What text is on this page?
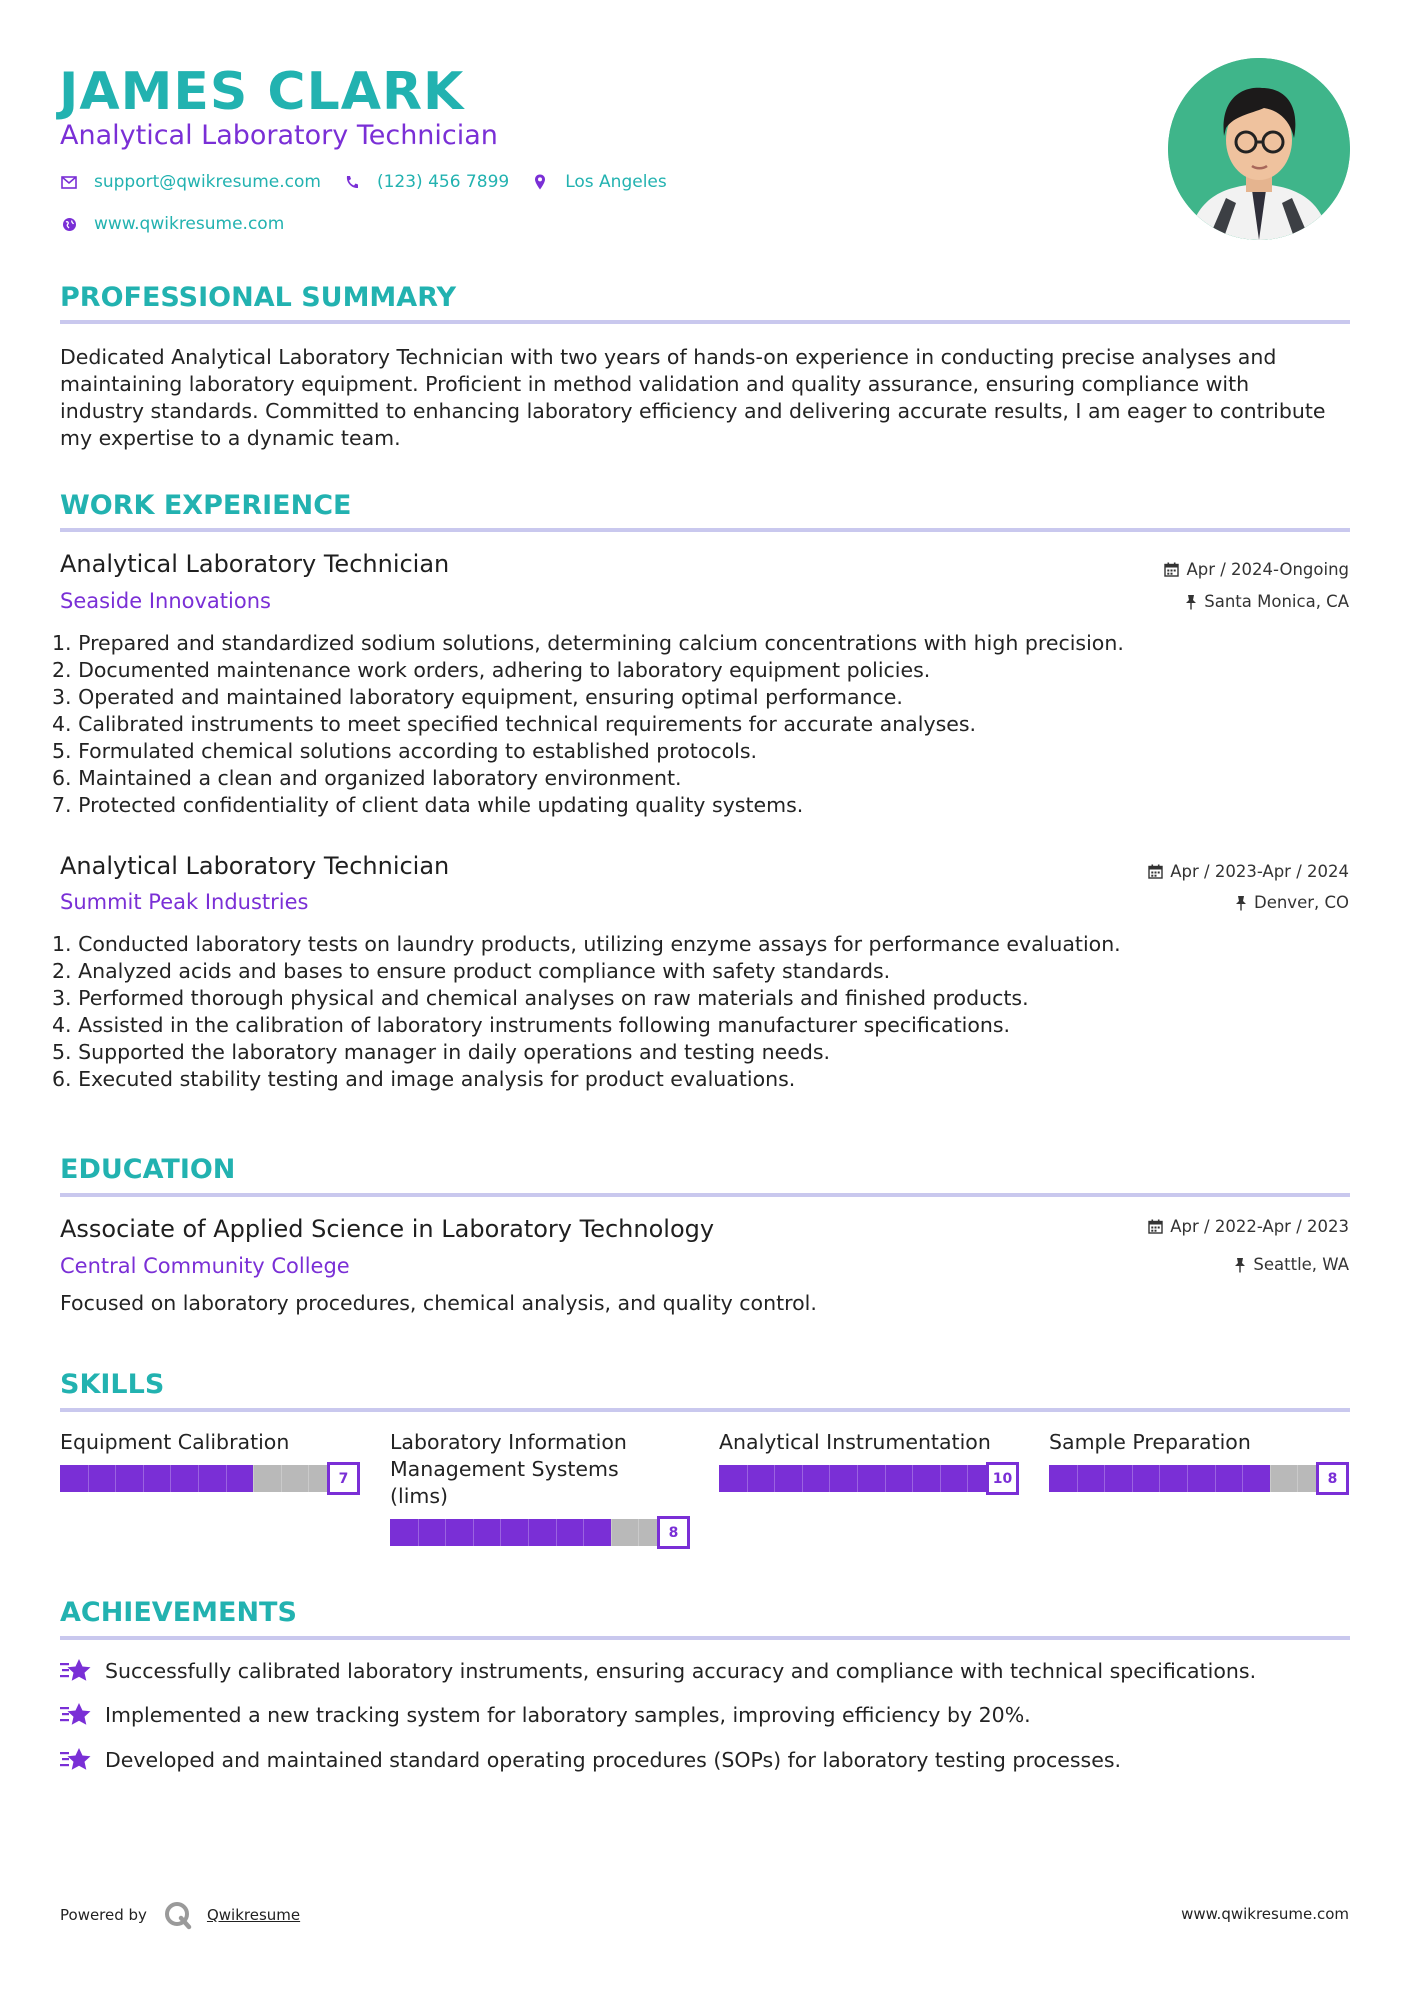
JAMES CLARK
Analytical Laboratory Technician
support@qwikresume.com	(123) 456 7899	Los Angeles
www.qwikresume.com
PROFESSIONAL SUMMARY
Dedicated Analytical Laboratory Technician with two years of hands-on experience in conducting precise analyses and
maintaining laboratory equipment. Proficient in method validation and quality assurance, ensuring compliance with
industry standards. Committed to enhancing laboratory efficiency and delivering accurate results, I am eager to contribute
my expertise to a dynamic team.
WORK EXPERIENCE
Analytical Laboratory Technician
Seaside Innovations
Apr / 2024-Ongoing
Santa Monica, CA
1. Prepared and standardized sodium solutions, determining calcium concentrations with high precision.
2. Documented maintenance work orders, adhering to laboratory equipment policies.
3. Operated and maintained laboratory equipment, ensuring optimal performance.
4. Calibrated instruments to meet specified technical requirements for accurate analyses.
5. Formulated chemical solutions according to established protocols.
6. Maintained a clean and organized laboratory environment.
7. Protected confidentiality of client data while updating quality systems.
Analytical Laboratory Technician
Summit Peak Industries
Apr / 2023-Apr / 2024
Denver, CO
1. Conducted laboratory tests on laundry products, utilizing enzyme assays for performance evaluation.
2. Analyzed acids and bases to ensure product compliance with safety standards.
3. Performed thorough physical and chemical analyses on raw materials and finished products.
4. Assisted in the calibration of laboratory instruments following manufacturer specifications.
5. Supported the laboratory manager in daily operations and testing needs.
6. Executed stability testing and image analysis for product evaluations.
EDUCATION
Associate of Applied Science in Laboratory Technology
Central Community College
Apr / 2022-Apr / 2023
Seattle, WA
Focused on laboratory procedures, chemical analysis, and quality control.
SKILLS
Equipment Calibration
7
Laboratory Information Management Systems (lims)
8
Analytical Instrumentation
10
Sample Preparation
8
ACHIEVEMENTS
Successfully calibrated laboratory instruments, ensuring accuracy and compliance with technical specifications.
Implemented a new tracking system for laboratory samples, improving efficiency by 20%.
Developed and maintained standard operating procedures (SOPs) for laboratory testing processes.
Powered by	Qwikresume	www.qwikresume.com
